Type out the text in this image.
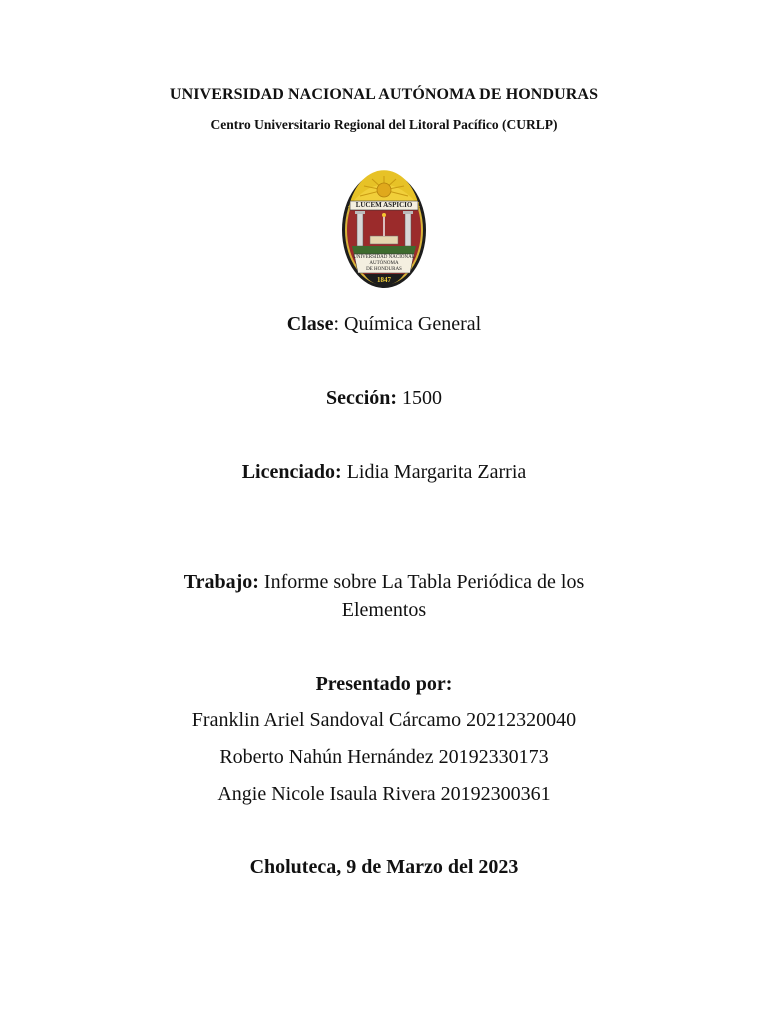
UNIVERSIDAD NACIONAL AUTÓNOMA DE HONDURAS
Centro Universitario Regional del Litoral Pacífico (CURLP)
LUCEM ASPICIO
UNIVERSIDAD NACIONAL
AUTÓNOMA
DE HONDURAS
1847
Clase: Química General
Sección: 1500
Licenciado: Lidia Margarita Zarria
Trabajo: Informe sobre La Tabla Periódica de los
Elementos
Presentado por:
Franklin Ariel Sandoval Cárcamo 20212320040
Roberto Nahún Hernández 20192330173
Angie Nicole Isaula Rivera 20192300361
Choluteca, 9 de Marzo del 2023
